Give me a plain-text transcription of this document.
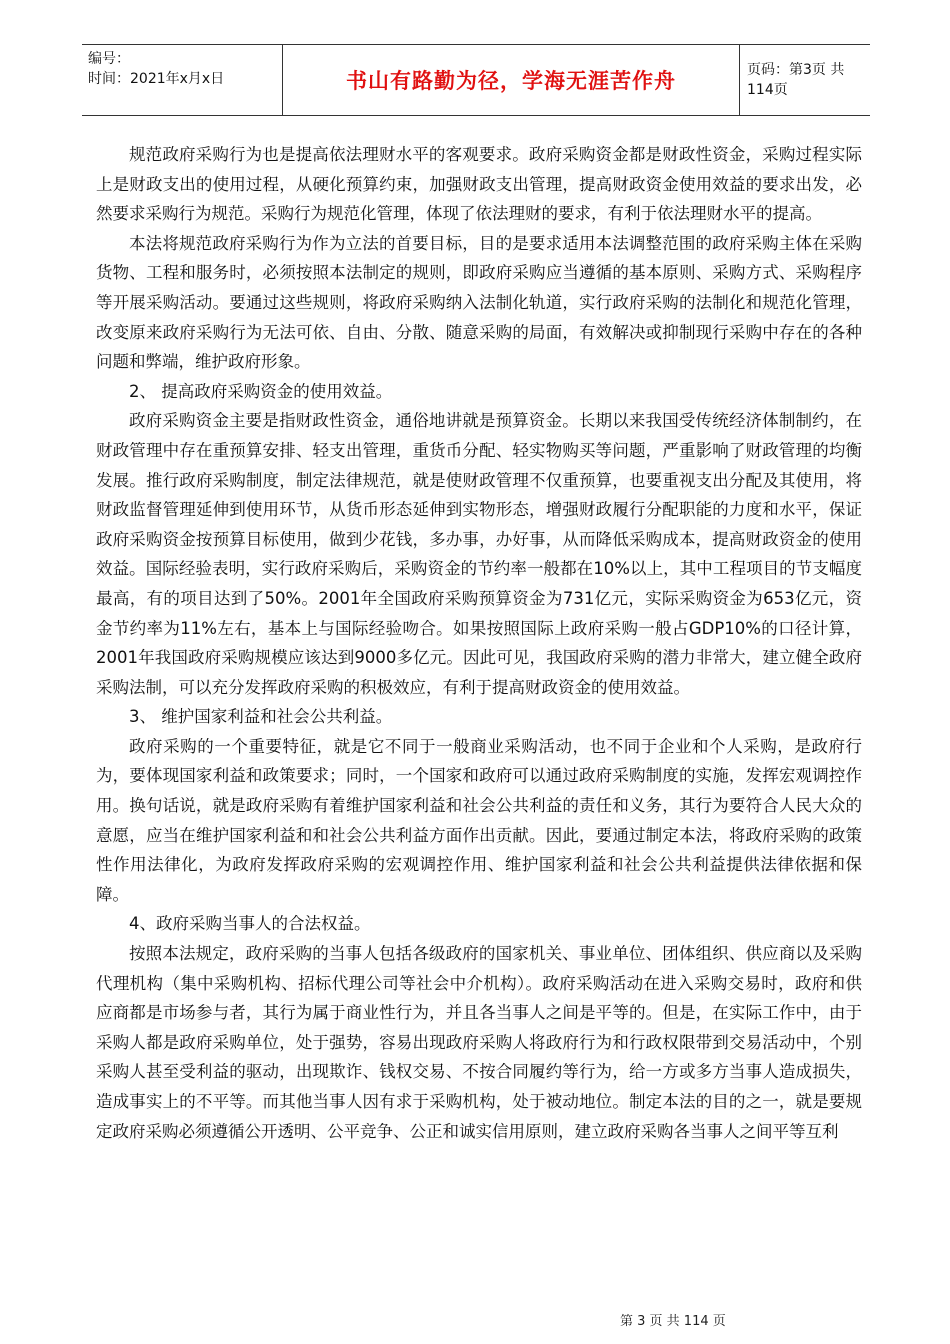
编号：
时间：2021年x月x日	书山有路勤为径，学海无涯苦作舟	页码：第3页 共114页

规范政府采购行为也是提高依法理财水平的客观要求。政府采购资金都是财政性资金，采购过程实际上是财政支出的使用过程，从硬化预算约束，加强财政支出管理，提高财政资金使用效益的要求出发，必然要求采购行为规范。采购行为规范化管理，体现了依法理财的要求，有利于依法理财水平的提高。

本法将规范政府采购行为作为立法的首要目标，目的是要求适用本法调整范围的政府采购主体在采购货物、工程和服务时，必须按照本法制定的规则，即政府采购应当遵循的基本原则、采购方式、采购程序等开展采购活动。要通过这些规则，将政府采购纳入法制化轨道，实行政府采购的法制化和规范化管理，改变原来政府采购行为无法可依、自由、分散、随意采购的局面，有效解决或抑制现行采购中存在的各种问题和弊端，维护政府形象。

2、 提高政府采购资金的使用效益。

政府采购资金主要是指财政性资金，通俗地讲就是预算资金。长期以来我国受传统经济体制制约，在财政管理中存在重预算安排、轻支出管理，重货币分配、轻实物购买等问题，严重影响了财政管理的均衡发展。推行政府采购制度，制定法律规范，就是使财政管理不仅重预算，也要重视支出分配及其使用，将财政监督管理延伸到使用环节，从货币形态延伸到实物形态，增强财政履行分配职能的力度和水平，保证政府采购资金按预算目标使用，做到少花钱，多办事，办好事，从而降低采购成本，提高财政资金的使用效益。国际经验表明，实行政府采购后，采购资金的节约率一般都在10%以上，其中工程项目的节支幅度最高，有的项目达到了50%。2001年全国政府采购预算资金为731亿元，实际采购资金为653亿元，资金节约率为11%左右，基本上与国际经验吻合。如果按照国际上政府采购一般占GDP10%的口径计算，2001年我国政府采购规模应该达到9000多亿元。因此可见，我国政府采购的潜力非常大，建立健全政府采购法制，可以充分发挥政府采购的积极效应，有利于提高财政资金的使用效益。

3、 维护国家利益和社会公共利益。

政府采购的一个重要特征，就是它不同于一般商业采购活动，也不同于企业和个人采购，是政府行为，要体现国家利益和政策要求；同时，一个国家和政府可以通过政府采购制度的实施，发挥宏观调控作用。换句话说，就是政府采购有着维护国家利益和社会公共利益的责任和义务，其行为要符合人民大众的意愿，应当在维护国家利益和和社会公共利益方面作出贡献。因此，要通过制定本法，将政府采购的政策性作用法律化，为政府发挥政府采购的宏观调控作用、维护国家利益和社会公共利益提供法律依据和保障。

4、政府采购当事人的合法权益。

按照本法规定，政府采购的当事人包括各级政府的国家机关、事业单位、团体组织、供应商以及采购代理机构（集中采购机构、招标代理公司等社会中介机构）。政府采购活动在进入采购交易时，政府和供应商都是市场参与者，其行为属于商业性行为，并且各当事人之间是平等的。但是，在实际工作中，由于采购人都是政府采购单位，处于强势，容易出现政府采购人将政府行为和行政权限带到交易活动中，个别采购人甚至受利益的驱动，出现欺诈、钱权交易、不按合同履约等行为，给一方或多方当事人造成损失，造成事实上的不平等。而其他当事人因有求于采购机构，处于被动地位。制定本法的目的之一，就是要规定政府采购必须遵循公开透明、公平竞争、公正和诚实信用原则，建立政府采购各当事人之间平等互利

第 3 页 共 114 页
